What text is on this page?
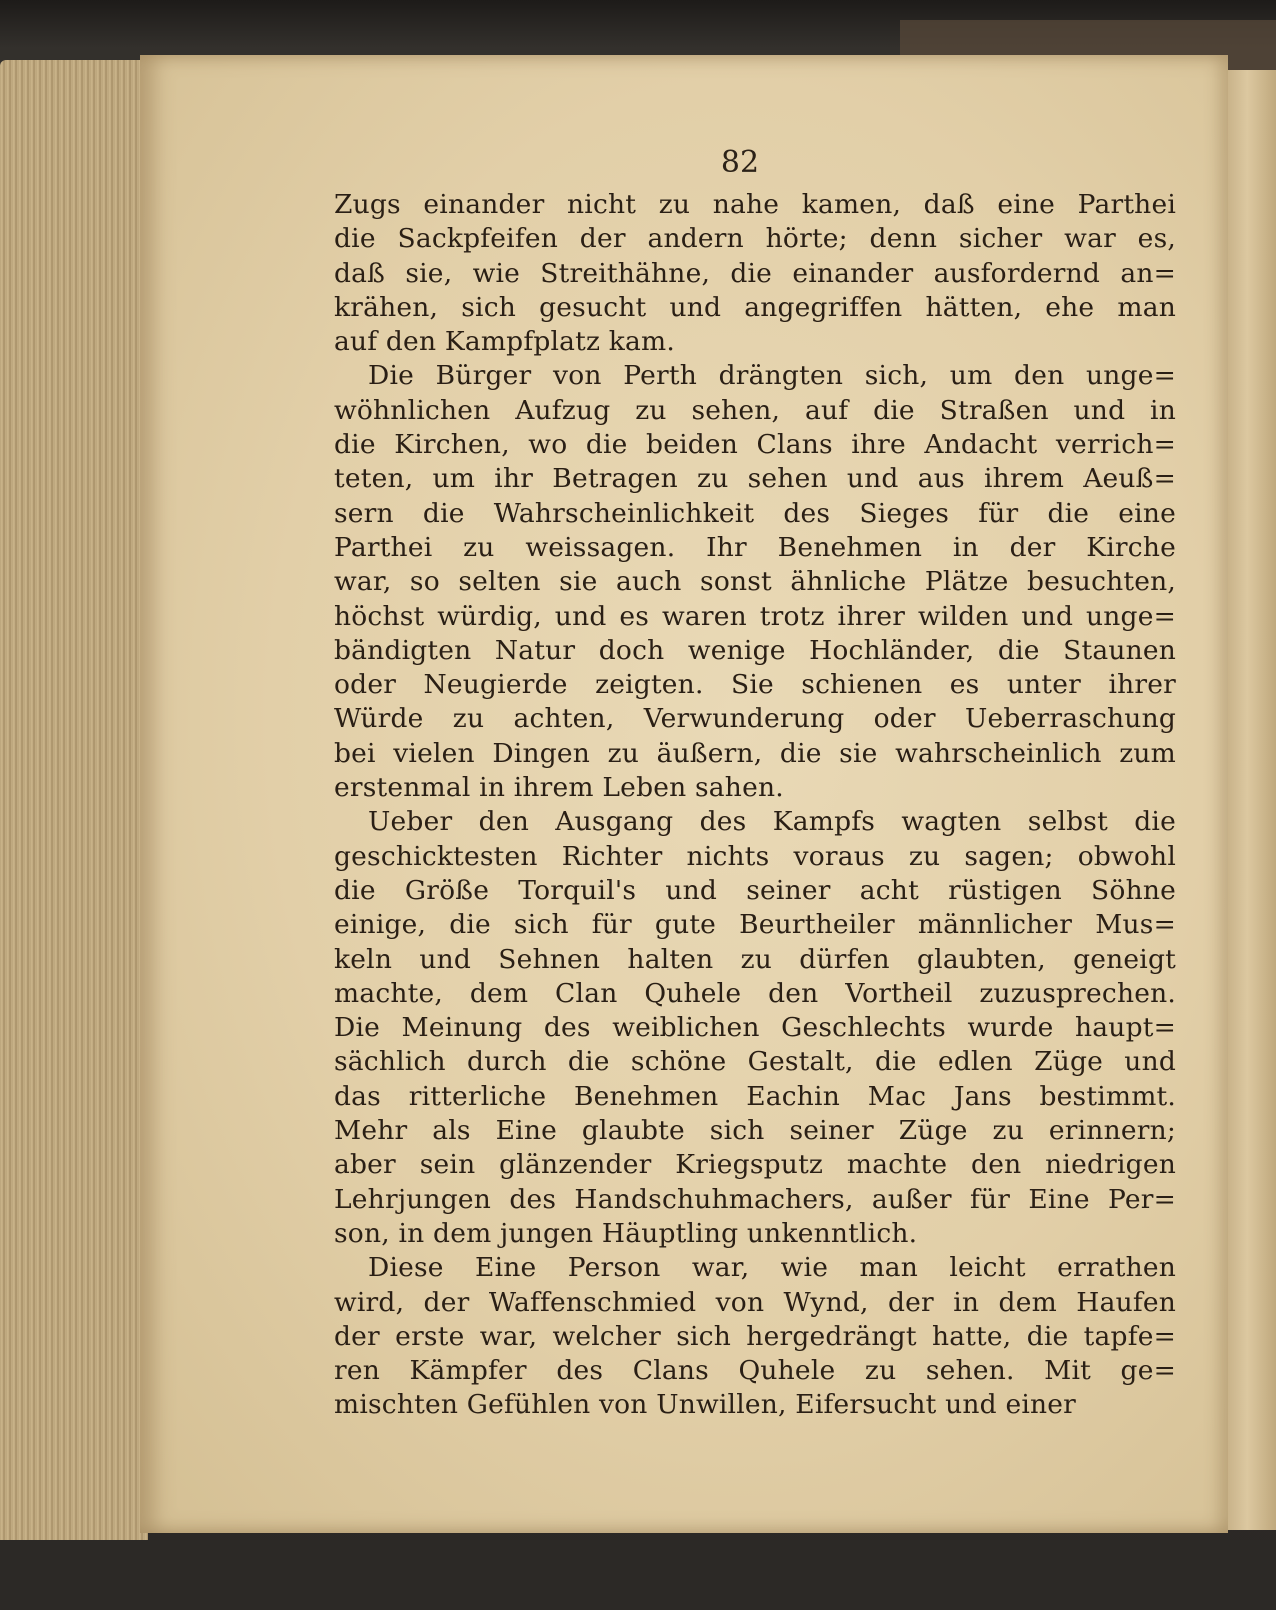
82

Zugs einander nicht zu nahe kamen, daß eine Parthei
die Sackpfeifen der andern hörte; denn sicher war es,
daß sie, wie Streithähne, die einander ausfordernd an=
krähen, sich gesucht und angegriffen hätten, ehe man
auf den Kampfplatz kam.

Die Bürger von Perth drängten sich, um den unge=
wöhnlichen Aufzug zu sehen, auf die Straßen und in
die Kirchen, wo die beiden Clans ihre Andacht verrich=
teten, um ihr Betragen zu sehen und aus ihrem Aeuß=
sern die Wahrscheinlichkeit des Sieges für die eine
Parthei zu weissagen. Ihr Benehmen in der Kirche
war, so selten sie auch sonst ähnliche Plätze besuchten,
höchst würdig, und es waren trotz ihrer wilden und unge=
bändigten Natur doch wenige Hochländer, die Staunen
oder Neugierde zeigten. Sie schienen es unter ihrer
Würde zu achten, Verwunderung oder Ueberraschung
bei vielen Dingen zu äußern, die sie wahrscheinlich zum
erstenmal in ihrem Leben sahen.

Ueber den Ausgang des Kampfs wagten selbst die
geschicktesten Richter nichts voraus zu sagen; obwohl
die Größe Torquil's und seiner acht rüstigen Söhne
einige, die sich für gute Beurtheiler männlicher Mus=
keln und Sehnen halten zu dürfen glaubten, geneigt
machte, dem Clan Quhele den Vortheil zuzusprechen.
Die Meinung des weiblichen Geschlechts wurde haupt=
sächlich durch die schöne Gestalt, die edlen Züge und
das ritterliche Benehmen Eachin Mac Jans bestimmt.
Mehr als Eine glaubte sich seiner Züge zu erinnern;
aber sein glänzender Kriegsputz machte den niedrigen
Lehrjungen des Handschuhmachers, außer für Eine Per=
son, in dem jungen Häuptling unkenntlich.

Diese Eine Person war, wie man leicht errathen
wird, der Waffenschmied von Wynd, der in dem Haufen
der erste war, welcher sich hergedrängt hatte, die tapfe=
ren Kämpfer des Clans Quhele zu sehen. Mit ge=
mischten Gefühlen von Unwillen, Eifersucht und einer
